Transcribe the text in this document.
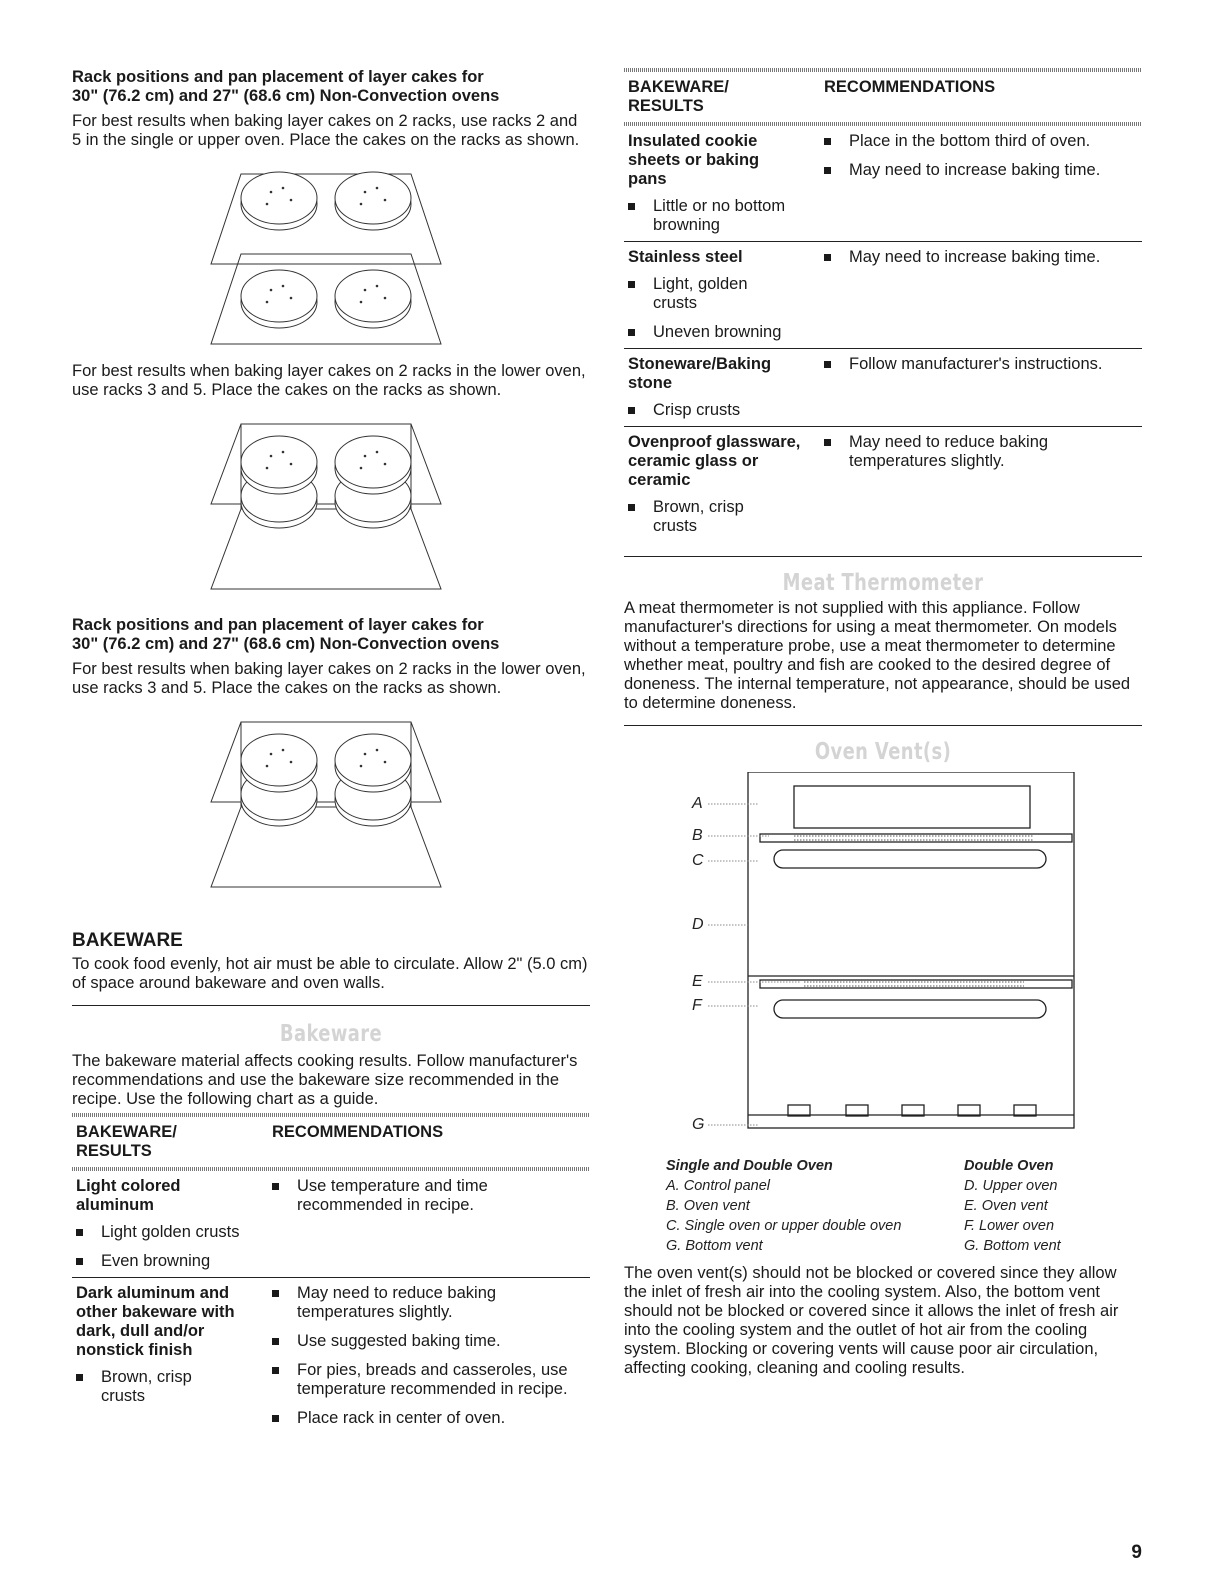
Rack positions and pan placement of layer cakes for

30" (76.2 cm) and 27" (68.6 cm) Non-Convection ovens

For best results when baking layer cakes on 2 racks, use racks 2 and 5 in the single or upper oven. Place the cakes on the racks as shown.

For best results when baking layer cakes on 2 racks in the lower oven, use racks 3 and 5. Place the cakes on the racks as shown.

Rack positions and pan placement of layer cakes for

30" (76.2 cm) and 27" (68.6 cm) Non-Convection ovens

For best results when baking layer cakes on 2 racks in the lower oven, use racks 3 and 5. Place the cakes on the racks as shown.

BAKEWARE

To cook food evenly, hot air must be able to circulate. Allow 2" (5.0 cm) of space around bakeware and oven walls.

Bakeware

The bakeware material affects cooking results. Follow manufacturer's recommendations and use the bakeware size recommended in the recipe. Use the following chart as a guide.

BAKEWARE/
RESULTS
RECOMMENDATIONS
Light colored aluminum
Light golden crusts
Even browning
Use temperature and time recommended in recipe.
Dark aluminum and other bakeware with dark, dull and/or nonstick finish
Brown, crisp crusts
May need to reduce baking temperatures slightly.
Use suggested baking time.
For pies, breads and casseroles, use temperature recommended in recipe.
Place rack in center of oven.
BAKEWARE/
RESULTS
RECOMMENDATIONS
Insulated cookie sheets or baking pans
Little or no bottom browning
Place in the bottom third of oven.
May need to increase baking time.
Stainless steel
Light, golden crusts
Uneven browning
May need to increase baking time.
Stoneware/Baking stone
Crisp crusts
Follow manufacturer's instructions.
Ovenproof glassware, ceramic glass or ceramic
Brown, crisp crusts
May need to reduce baking temperatures slightly.

Meat Thermometer

A meat thermometer is not supplied with this appliance. Follow manufacturer's directions for using a meat thermometer. On models without a temperature probe, use a meat thermometer to determine whether meat, poultry and fish are cooked to the desired degree of doneness. The internal temperature, not appearance, should be used to determine doneness.

Oven Vent(s)

A
B
C
D
E
F
G
Single and Double Oven
A. Control panel
B. Oven vent
C. Single oven or upper double oven
G. Bottom vent
Double Oven
D. Upper oven
E. Oven vent
F. Lower oven
G. Bottom vent

The oven vent(s) should not be blocked or covered since they allow the inlet of fresh air into the cooling system. Also, the bottom vent should not be blocked or covered since it allows the inlet of fresh air into the cooling system and the outlet of hot air from the cooling system. Blocking or covering vents will cause poor air circulation, affecting cooking, cleaning and cooling results.

9
